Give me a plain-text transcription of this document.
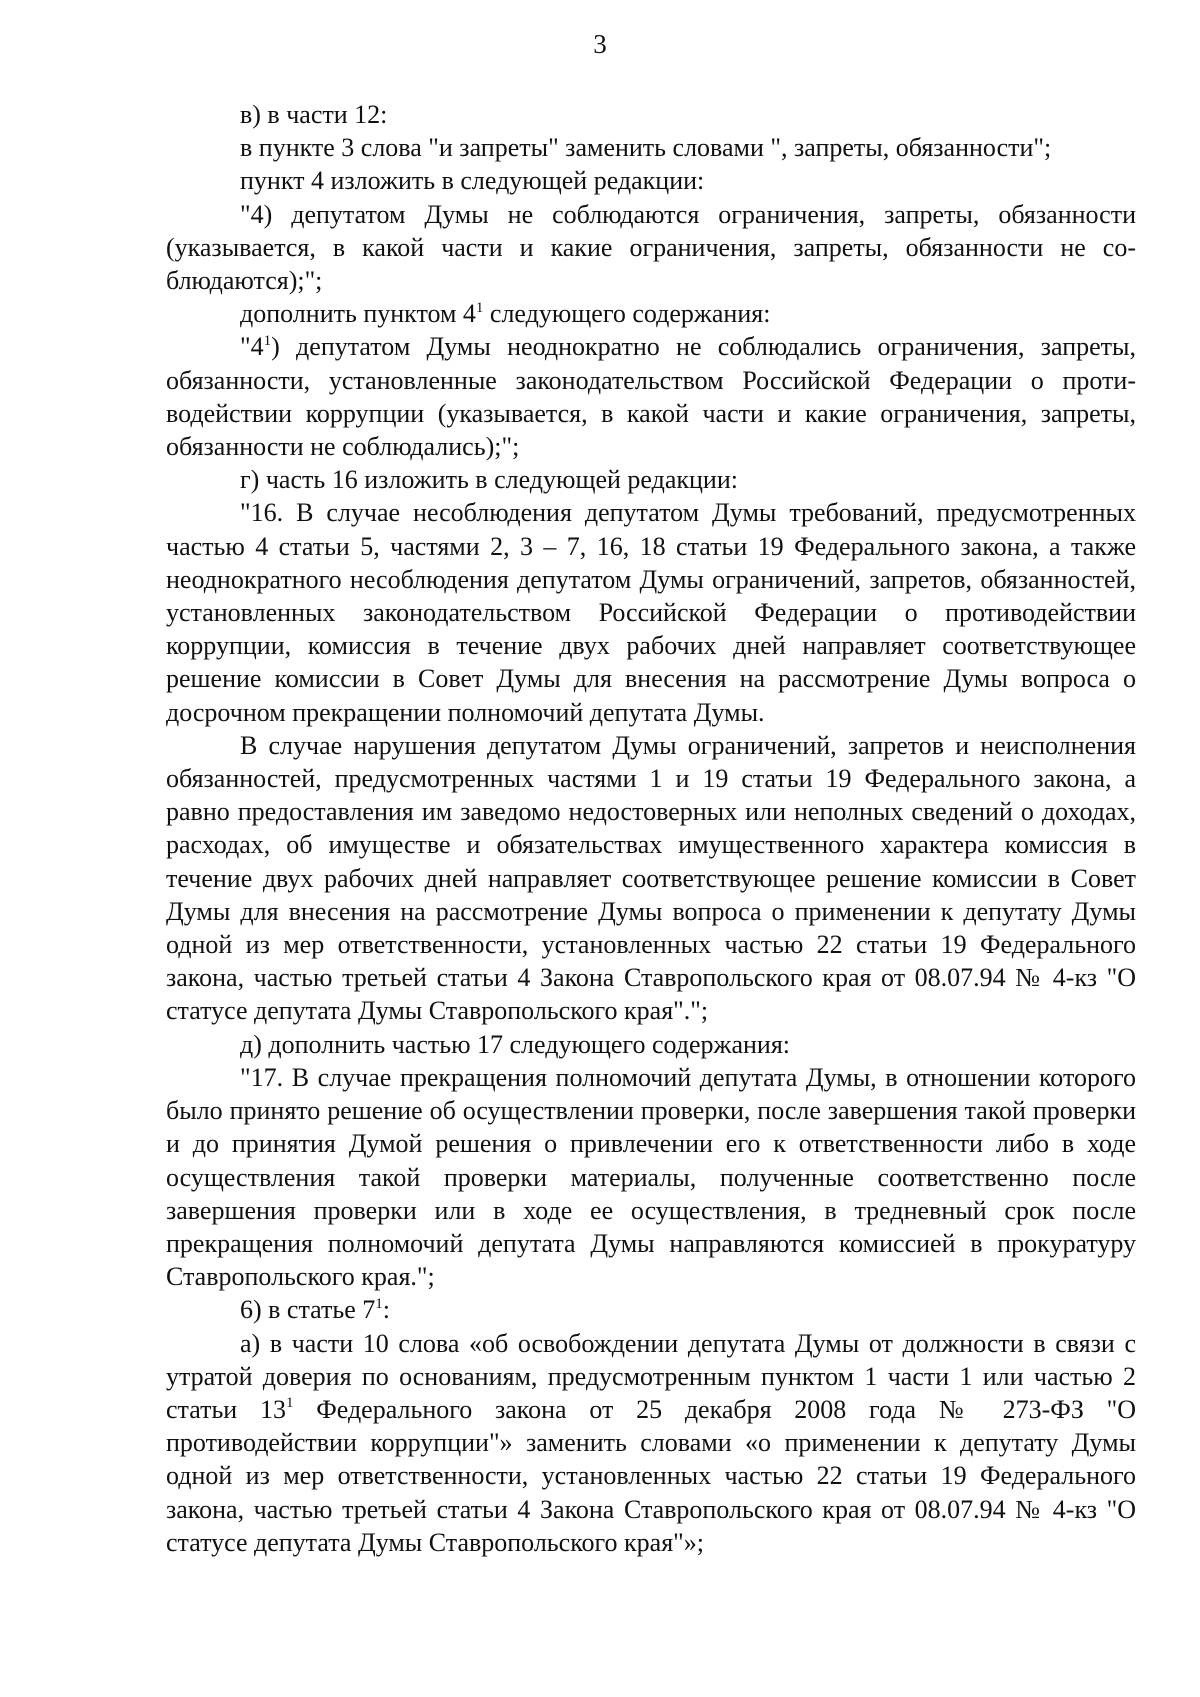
3

в) в части 12:

в пункте 3 слова "и запреты" заменить словами ", запреты, обязанности";

пункт 4 изложить в следующей редакции:

"4) депутатом Думы не соблюдаются ограничения, запреты, обязанности (указывается, в какой части и какие ограничения, запреты, обязанности не соблюдаются);";

дополнить пунктом $4^1$ следующего содержания:

"$4^1$) депутатом Думы неоднократно не соблюдались ограничения, запреты, обязанности, установленные законодательством Российской Федерации о противодействии коррупции (указывается, в какой части и какие ограничения, запреты, обязанности не соблюдались);";

г) часть 16 изложить в следующей редакции:

"16. В случае несоблюдения депутатом Думы требований, предусмотренных частью 4 статьи 5, частями 2, 3 – 7, 16, 18 статьи 19 Федерального закона, а также неоднократного несоблюдения депутатом Думы ограничений, запретов, обязанностей, установленных законодательством Российской Федерации о противодействии коррупции, комиссия в течение двух рабочих дней направляет соответствующее решение комиссии в Совет Думы для внесения на рассмотрение Думы вопроса о досрочном прекращении полномочий депутата Думы.

В случае нарушения депутатом Думы ограничений, запретов и неисполнения обязанностей, предусмотренных частями 1 и 19 статьи 19 Федерального закона, а равно предоставления им заведомо недостоверных или неполных сведений о доходах, расходах, об имуществе и обязательствах имущественного характера комиссия в течение двух рабочих дней направляет соответствующее решение комиссии в Совет Думы для внесения на рассмотрение Думы вопроса о применении к депутату Думы одной из мер ответственности, установленных частью 22 статьи 19 Федерального закона, частью третьей статьи 4 Закона Ставропольского края от 08.07.94 № 4-кз "О статусе депутата Думы Ставропольского края".";

д) дополнить частью 17 следующего содержания:

"17. В случае прекращения полномочий депутата Думы, в отношении которого было принято решение об осуществлении проверки, после завершения такой проверки и до принятия Думой решения о привлечении его к ответственности либо в ходе осуществления такой проверки материалы, полученные соответственно после завершения проверки или в ходе ее осуществления, в тредневный срок после прекращения полномочий депутата Думы направляются комиссией в прокуратуру Ставропольского края.";

6) в статье $7^1$:

а) в части 10 слова «об освобождении депутата Думы от должности в связи с утратой доверия по основаниям, предусмотренным пунктом 1 части 1 или частью 2 статьи $13^1$ Федерального закона от 25 декабря 2008 года № 273-ФЗ "О противодействии коррупции"» заменить словами «о применении к депутату Думы одной из мер ответственности, установленных частью 22 статьи 19 Федерального закона, частью третьей статьи 4 Закона Ставропольского края от 08.07.94 № 4-кз "О статусе депутата Думы Ставропольского края"»;
